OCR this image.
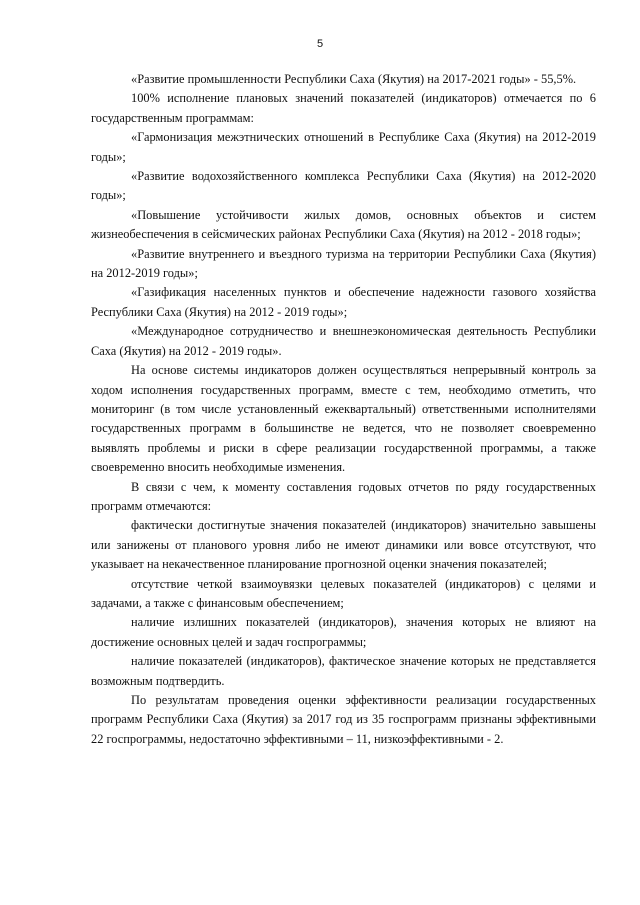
5

«Развитие промышленности Республики Саха (Якутия) на 2017-2021 годы» - 55,5%.

100% исполнение плановых значений показателей (индикаторов) отмечается по 6 государственным программам:

«Гармонизация межэтнических отношений в Республике Саха (Якутия) на 2012-2019 годы»;

«Развитие водохозяйственного комплекса Республики Саха (Якутия) на 2012-2020 годы»;

«Повышение устойчивости жилых домов, основных объектов и систем жизнеобеспечения в сейсмических районах Республики Саха (Якутия) на 2012 - 2018 годы»;

«Развитие внутреннего и въездного туризма на территории Республики Саха (Якутия) на 2012-2019 годы»;

«Газификация населенных пунктов и обеспечение надежности газового хозяйства Республики Саха (Якутия) на 2012 - 2019 годы»;

«Международное сотрудничество и внешнеэкономическая деятельность Республики Саха (Якутия) на 2012 - 2019 годы».

На основе системы индикаторов должен осуществляться непрерывный контроль за ходом исполнения государственных программ, вместе с тем, необходимо отметить, что мониторинг (в том числе установленный ежеквартальный) ответственными исполнителями государственных программ в большинстве не ведется, что не позволяет своевременно выявлять проблемы и риски в сфере реализации государственной программы, а также своевременно вносить необходимые изменения.

В связи с чем, к моменту составления годовых отчетов по ряду государственных программ отмечаются:

фактически достигнутые значения показателей (индикаторов) значительно завышены или занижены от планового уровня либо не имеют динамики или вовсе отсутствуют, что указывает на некачественное планирование прогнозной оценки значения показателей;

отсутствие четкой взаимоувязки целевых показателей (индикаторов) с целями и задачами, а также с финансовым обеспечением;

наличие излишних показателей (индикаторов), значения которых не влияют на достижение основных целей и задач госпрограммы;

наличие показателей (индикаторов), фактическое значение которых не представляется возможным подтвердить.

По результатам проведения оценки эффективности реализации государственных программ Республики Саха (Якутия) за 2017 год из 35 госпрограмм признаны эффективными 22 госпрограммы, недостаточно эффективными – 11, низкоэффективными - 2.
